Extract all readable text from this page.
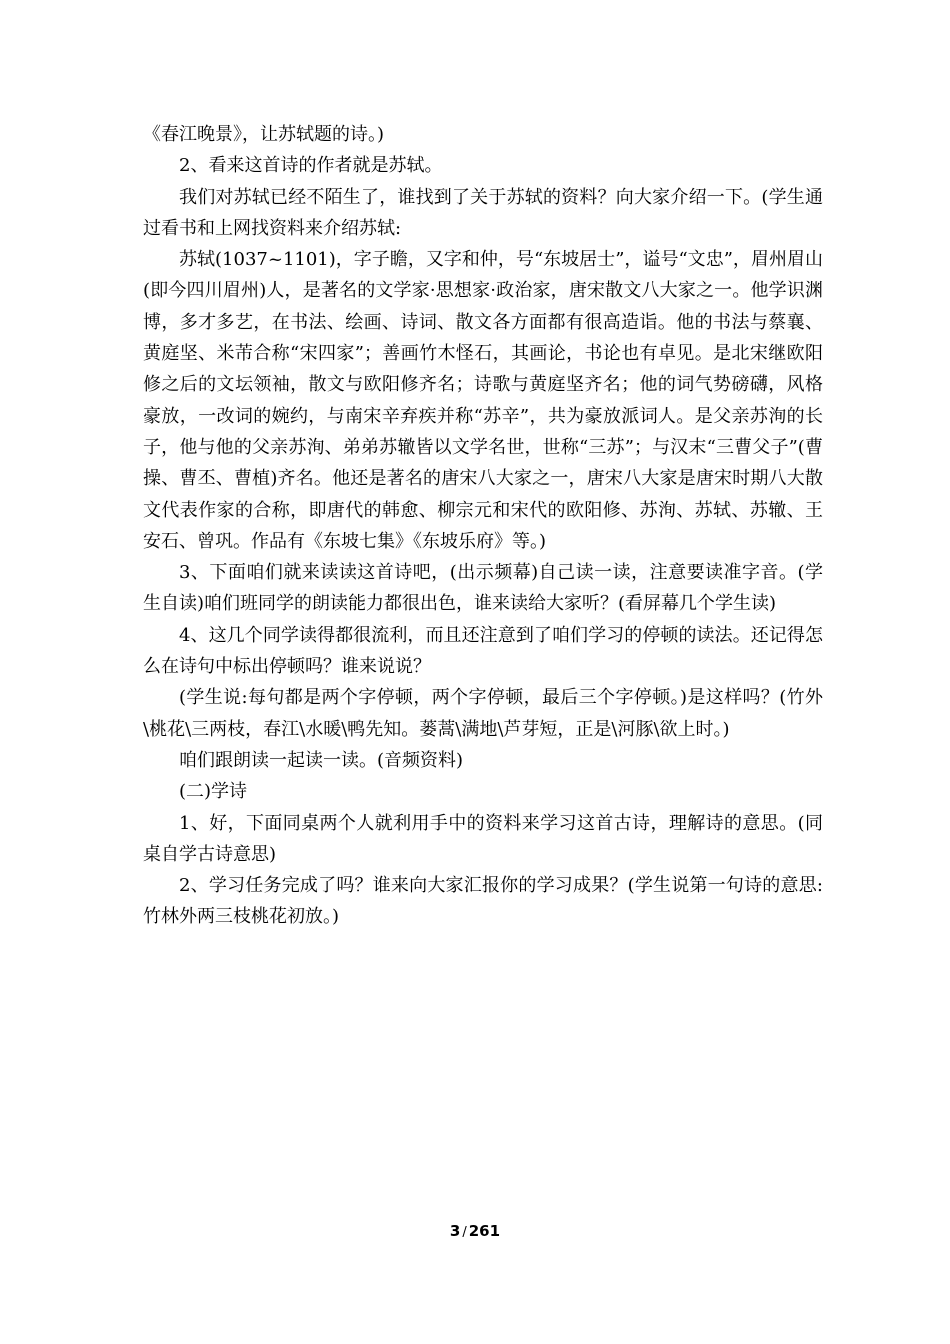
《春江晚景》，让苏轼题的诗。)

2、看来这首诗的作者就是苏轼。

我们对苏轼已经不陌生了，谁找到了关于苏轼的资料？向大家介绍一下。(学生通过看书和上网找资料来介绍苏轼:

苏轼(1037~1101)，字子瞻，又字和仲，号“东坡居士”，谥号“文忠”，眉州眉山(即今四川眉州)人，是著名的文学家·思想家·政治家，唐宋散文八大家之一。他学识渊博，多才多艺，在书法、绘画、诗词、散文各方面都有很高造诣。他的书法与蔡襄、黄庭坚、米芾合称“宋四家”；善画竹木怪石，其画论，书论也有卓见。是北宋继欧阳修之后的文坛领袖，散文与欧阳修齐名；诗歌与黄庭坚齐名；他的词气势磅礴，风格豪放，一改词的婉约，与南宋辛弃疾并称“苏辛”，共为豪放派词人。是父亲苏洵的长子，他与他的父亲苏洵、弟弟苏辙皆以文学名世，世称“三苏”；与汉末“三曹父子”(曹操、曹丕、曹植)齐名。他还是著名的唐宋八大家之一，唐宋八大家是唐宋时期八大散文代表作家的合称，即唐代的韩愈、柳宗元和宋代的欧阳修、苏洵、苏轼、苏辙、王安石、曾巩。作品有《东坡七集》《东坡乐府》等。)

3、下面咱们就来读读这首诗吧，(出示频幕)自己读一读，注意要读准字音。(学生自读)咱们班同学的朗读能力都很出色，谁来读给大家听？(看屏幕几个学生读)

4、这几个同学读得都很流利，而且还注意到了咱们学习的停顿的读法。还记得怎么在诗句中标出停顿吗？谁来说说？

(学生说:每句都是两个字停顿，两个字停顿，最后三个字停顿。)是这样吗？(竹外\桃花\三两枝，春江\水暖\鸭先知。蒌蒿\满地\芦芽短，正是\河豚\欲上时。)

咱们跟朗读一起读一读。(音频资料)

(二)学诗

1、好，下面同桌两个人就利用手中的资料来学习这首古诗，理解诗的意思。(同桌自学古诗意思)

2、学习任务完成了吗？谁来向大家汇报你的学习成果？(学生说第一句诗的意思:竹林外两三枝桃花初放。)

3 / 261
